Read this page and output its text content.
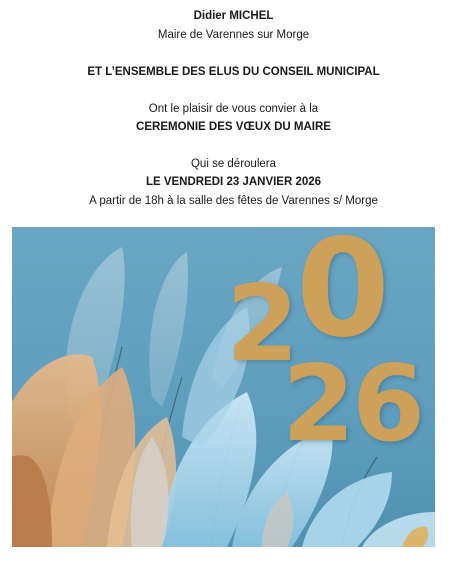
Didier MICHEL
Maire de Varennes sur Morge
ET L’ENSEMBLE DES ELUS DU CONSEIL MUNICIPAL
Ont le plaisir de vous convier à la
CEREMONIE DES VŒUX DU MAIRE
Qui se déroulera
LE VENDREDI 23 JANVIER 2026
A partir de 18h à la salle des fêtes de Varennes s/ Morge
2
0
2
6
